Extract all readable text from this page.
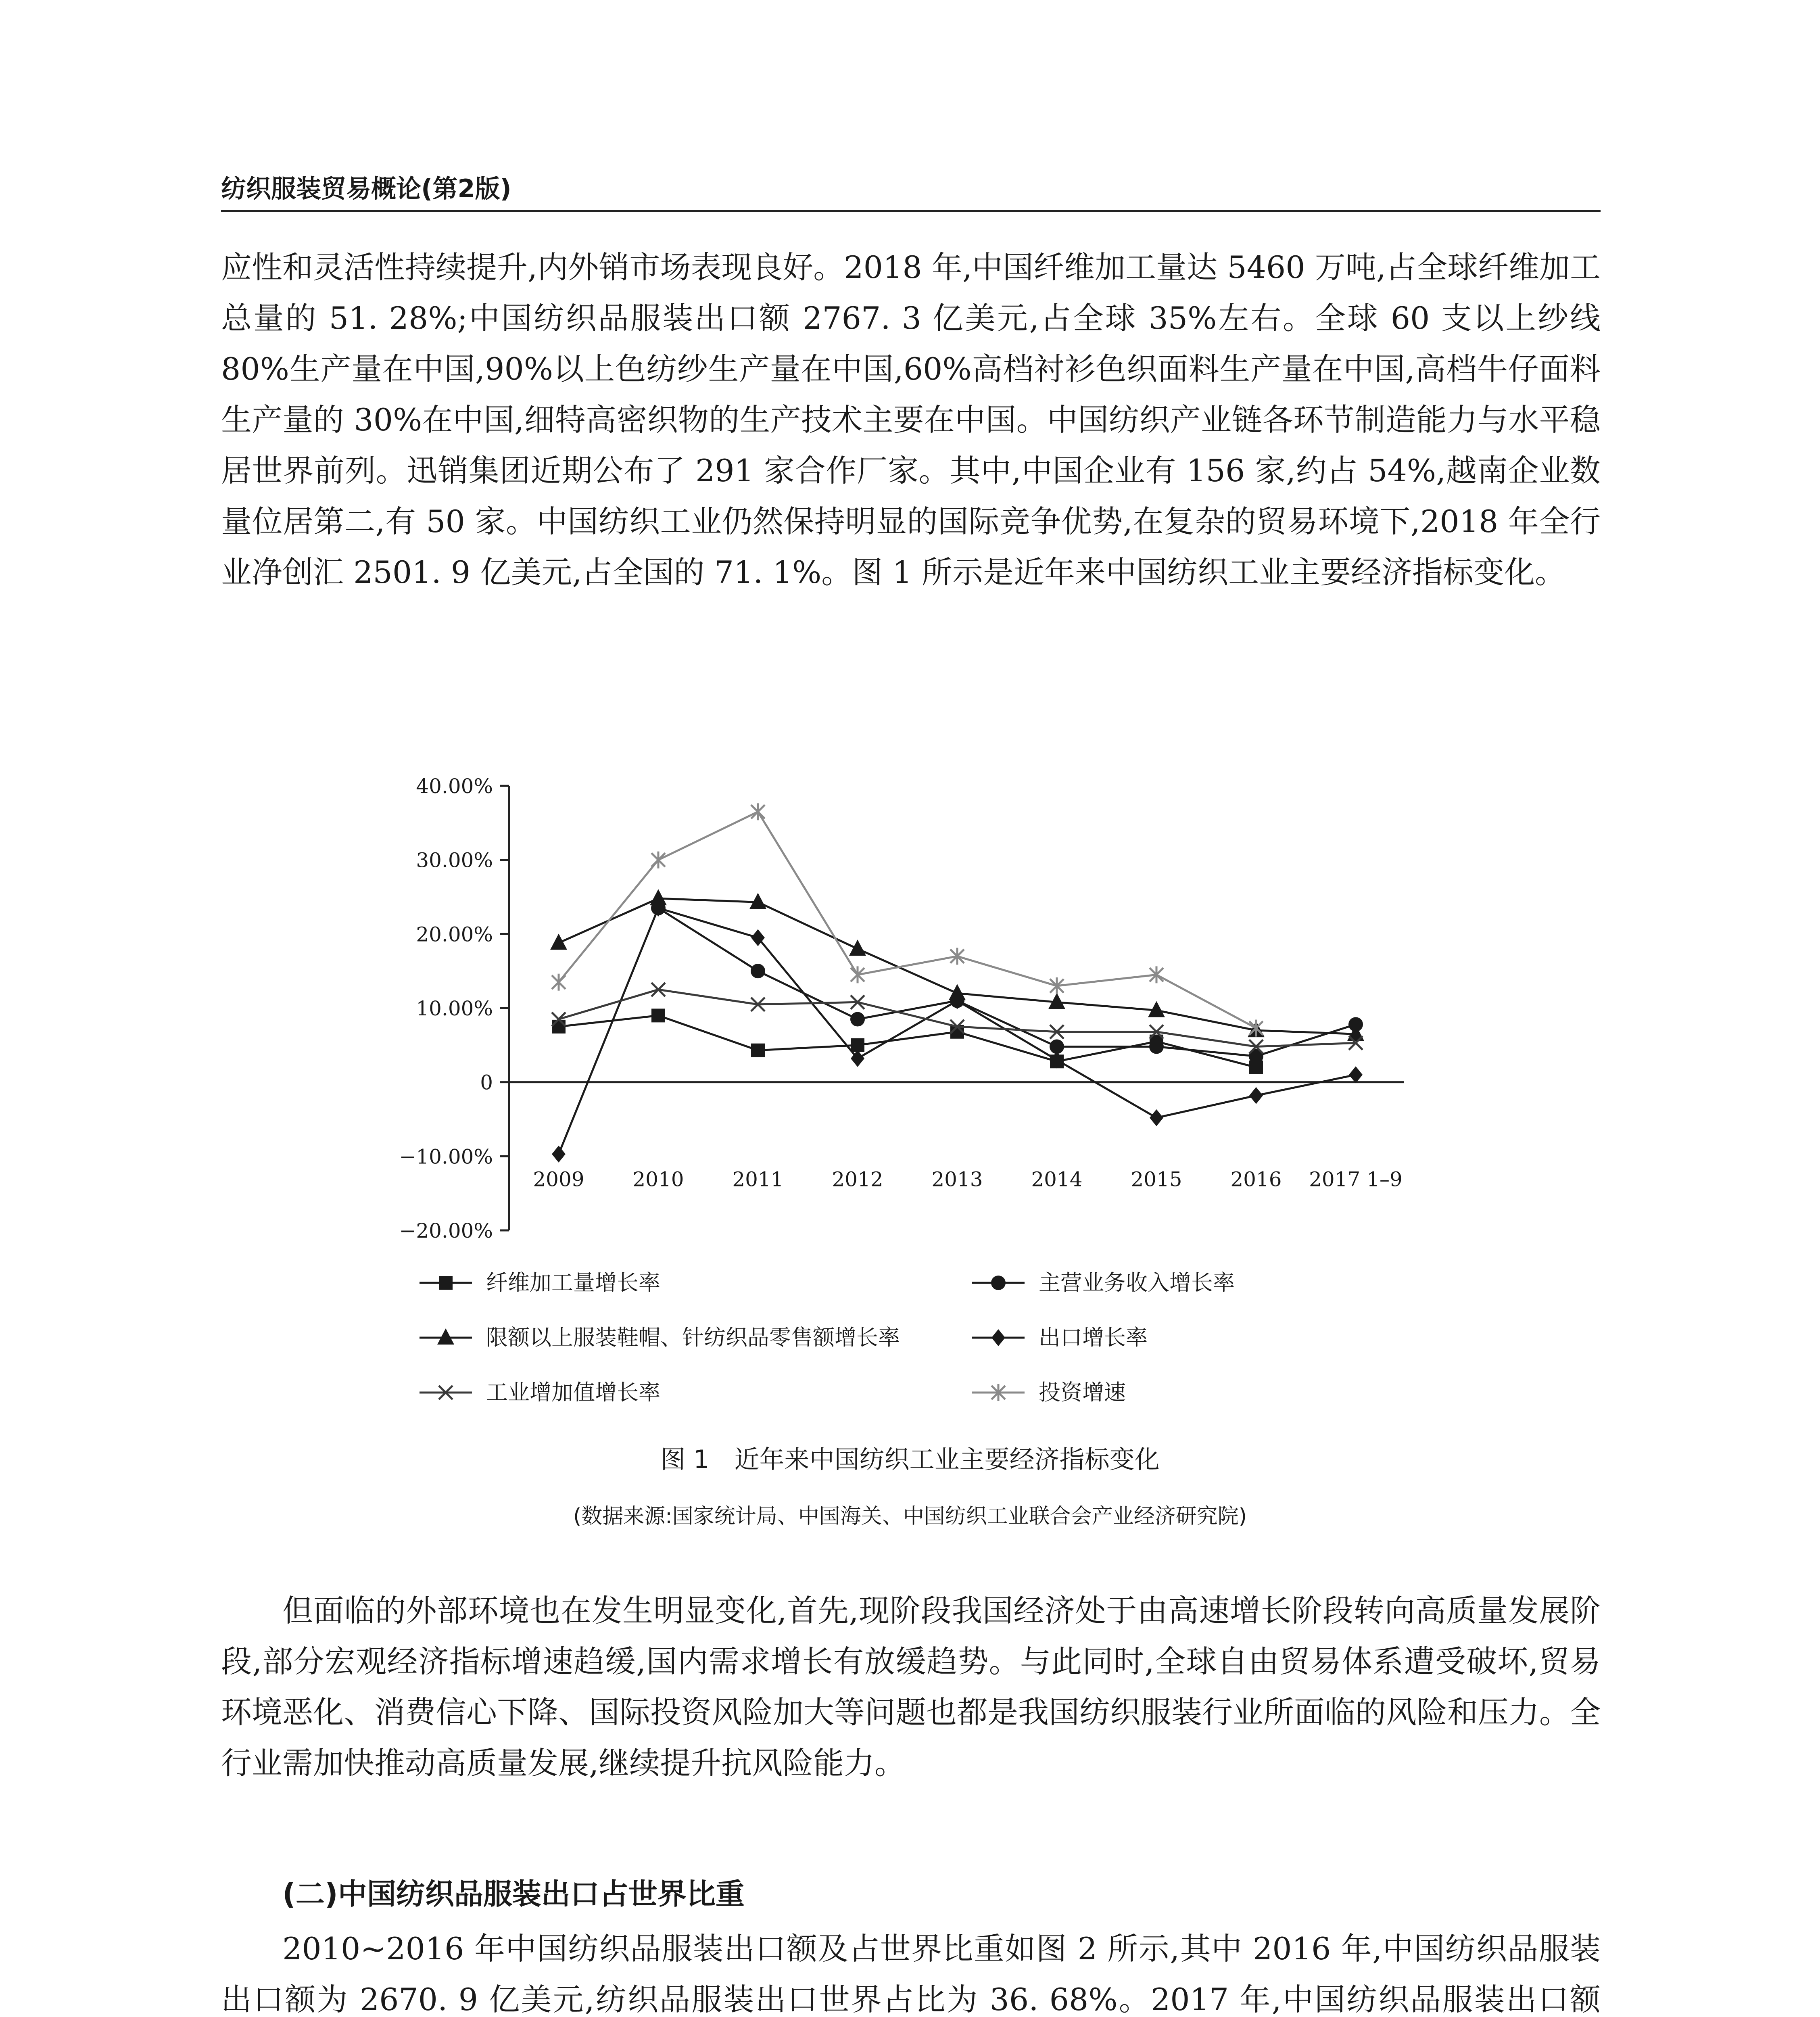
纺织服装贸易概论(第2版)

应性和灵活性持续提升,内外销市场表现良好。2018 年,中国纤维加工量达 5460 万吨,占全球纤维加工总量的 51. 28%;中国纺织品服装出口额 2767. 3 亿美元,占全球 35%左右。全球 60 支以上纱线 80%生产量在中国,90%以上色纺纱生产量在中国,60%高档衬衫色织面料生产量在中国,高档牛仔面料生产量的 30%在中国,细特高密织物的生产技术主要在中国。中国纺织产业链各环节制造能力与水平稳居世界前列。迅销集团近期公布了 291 家合作厂家。其中,中国企业有 156 家,约占 54%,越南企业数量位居第二,有 50 家。中国纺织工业仍然保持明显的国际竞争优势,在复杂的贸易环境下,2018 年全行业净创汇 2501. 9 亿美元,占全国的 71. 1%。图 1 所示是近年来中国纺织工业主要经济指标变化。

40.00%
30.00%
20.00%
10.00%
0
−10.00%
−20.00%
2009 2010 2011 2012 2013 2014 2015 2016 2017 1–9
纤维加工量增长率	主营业务收入增长率
限额以上服装鞋帽、针纺织品零售额增长率	出口增长率
工业增加值增长率	投资增速
图 1　近年来中国纺织工业主要经济指标变化
(数据来源:国家统计局、中国海关、中国纺织工业联合会产业经济研究院)

但面临的外部环境也在发生明显变化,首先,现阶段我国经济处于由高速增长阶段转向高质量发展阶段,部分宏观经济指标增速趋缓,国内需求增长有放缓趋势。与此同时,全球自由贸易体系遭受破坏,贸易环境恶化、消费信心下降、国际投资风险加大等问题也都是我国纺织服装行业所面临的风险和压力。全行业需加快推动高质量发展,继续提升抗风险能力。

(二)中国纺织品服装出口占世界比重

2010~2016 年中国纺织品服装出口额及占世界比重如图 2 所示,其中 2016 年,中国纺织品服装出口额为 2670. 9 亿美元,纺织品服装出口世界占比为 36. 68%。2017 年,中国纺织品服装出口额
